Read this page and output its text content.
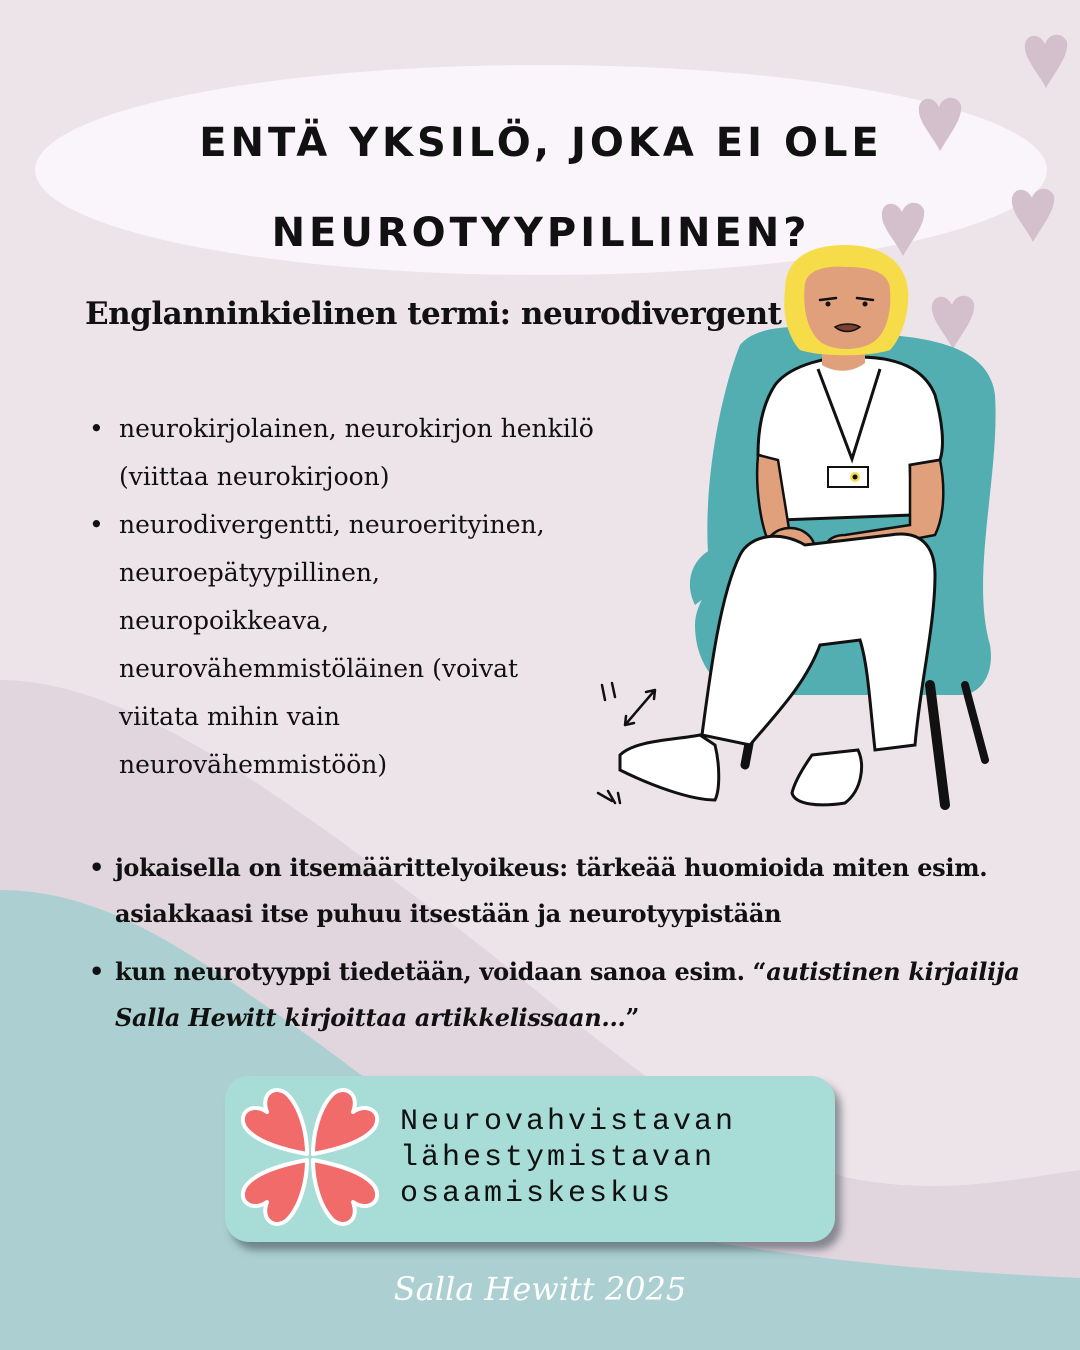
ENTÄ YKSILÖ, JOKA EI OLE
NEUROTYYPILLINEN?
Englanninkielinen termi: neurodivergent
• neurokirjolainen, neurokirjon henkilö (viittaa neurokirjoon)
• neurodivergentti, neuroerityinen, neuroepätyypillinen, neuropoikkeava, neurovähemmistöläinen (voivat viitata mihin vain neurovähemmistöön)
• jokaisella on itsemäärittelyoikeus: tärkeää huomioida miten esim. asiakkaasi itse puhuu itsestään ja neurotyypistään
• kun neurotyyppi tiedetään, voidaan sanoa esim. “autistinen kirjailija Salla Hewitt kirjoittaa artikkelissaan...”
Neurovahvistavan
lähestymistavan
osaamiskeskus
Salla Hewitt 2025
